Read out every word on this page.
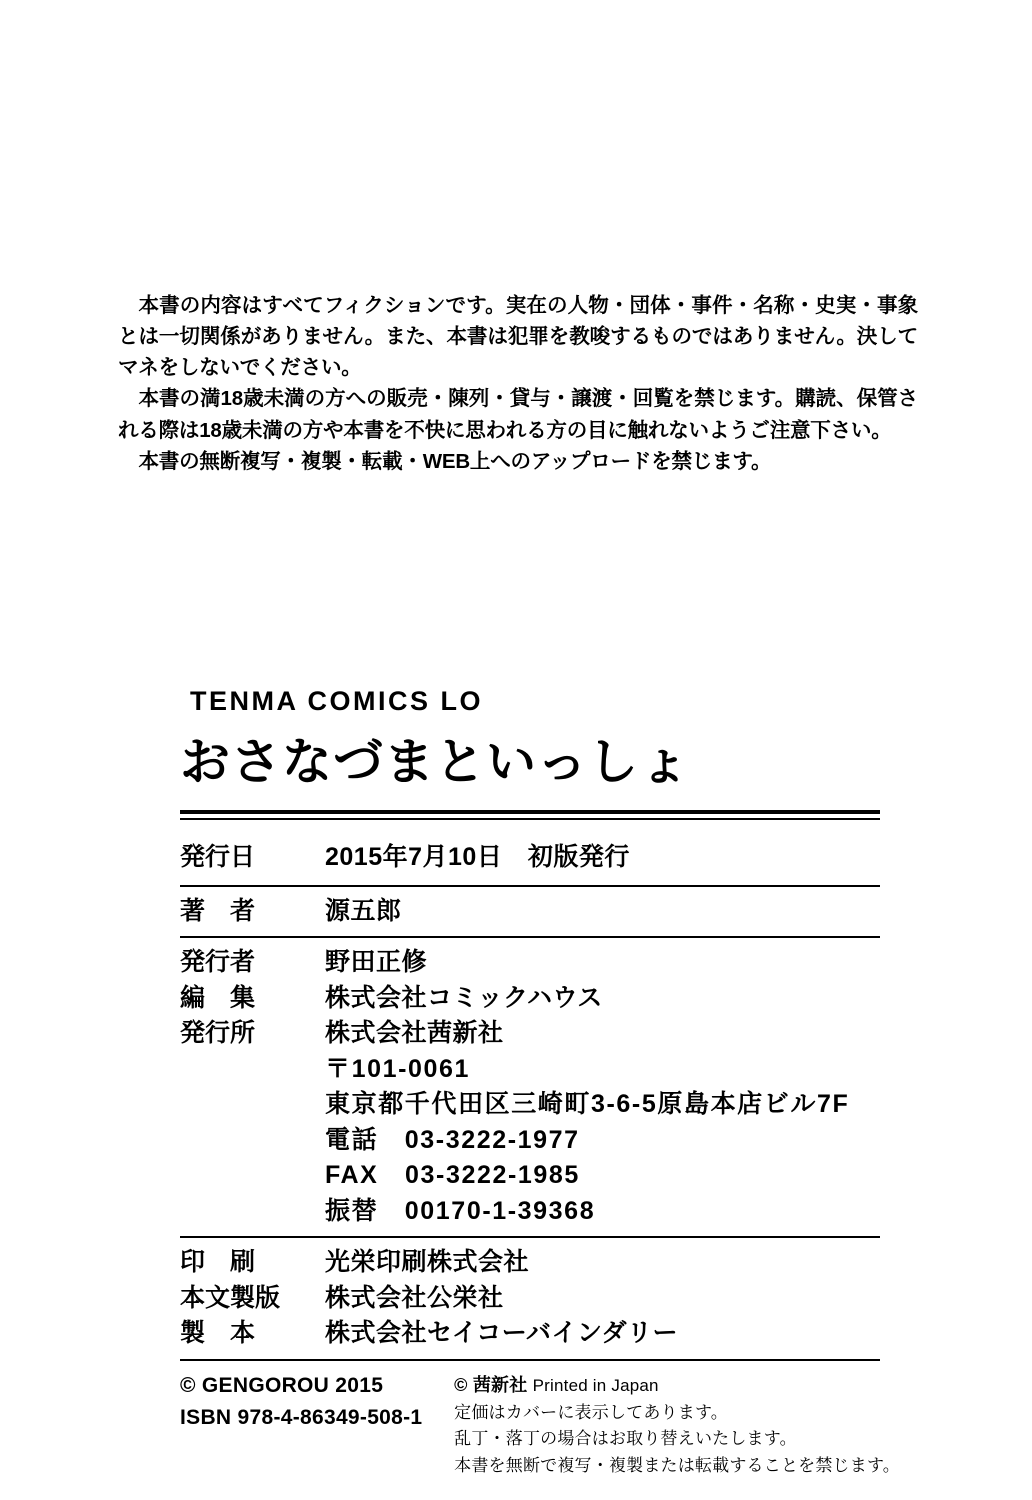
本書の内容はすべてフィクションです。実在の人物・団体・事件・名称・史実・事象とは一切関係がありません。また、本書は犯罪を教唆するものではありません。決してマネをしないでください。

本書の満18歳未満の方への販売・陳列・貸与・譲渡・回覧を禁じます。購読、保管される際は18歳未満の方や本書を不快に思われる方の目に触れないようご注意下さい。

本書の無断複写・複製・転載・WEB上へのアップロードを禁じます。

TENMA COMICS LO
おさなづまといっしょ
発行日	2015年7月10日　初版発行
著　者	源五郎
発行者	野田正修
編　集	株式会社コミックハウス
発行所	株式会社茜新社
〒101-0061
東京都千代田区三崎町3-6-5原島本店ビル7F
電話　03-3222-1977
FAX　03-3222-1985
振替　00170-1-39368
印　刷	光栄印刷株式会社
本文製版	株式会社公栄社
製　本	株式会社セイコーバインダリー
© GENGOROU 2015
ISBN 978-4-86349-508-1
© 茜新社 Printed in Japan
定価はカバーに表示してあります。
乱丁・落丁の場合はお取り替えいたします。
本書を無断で複写・複製または転載することを禁じます。
